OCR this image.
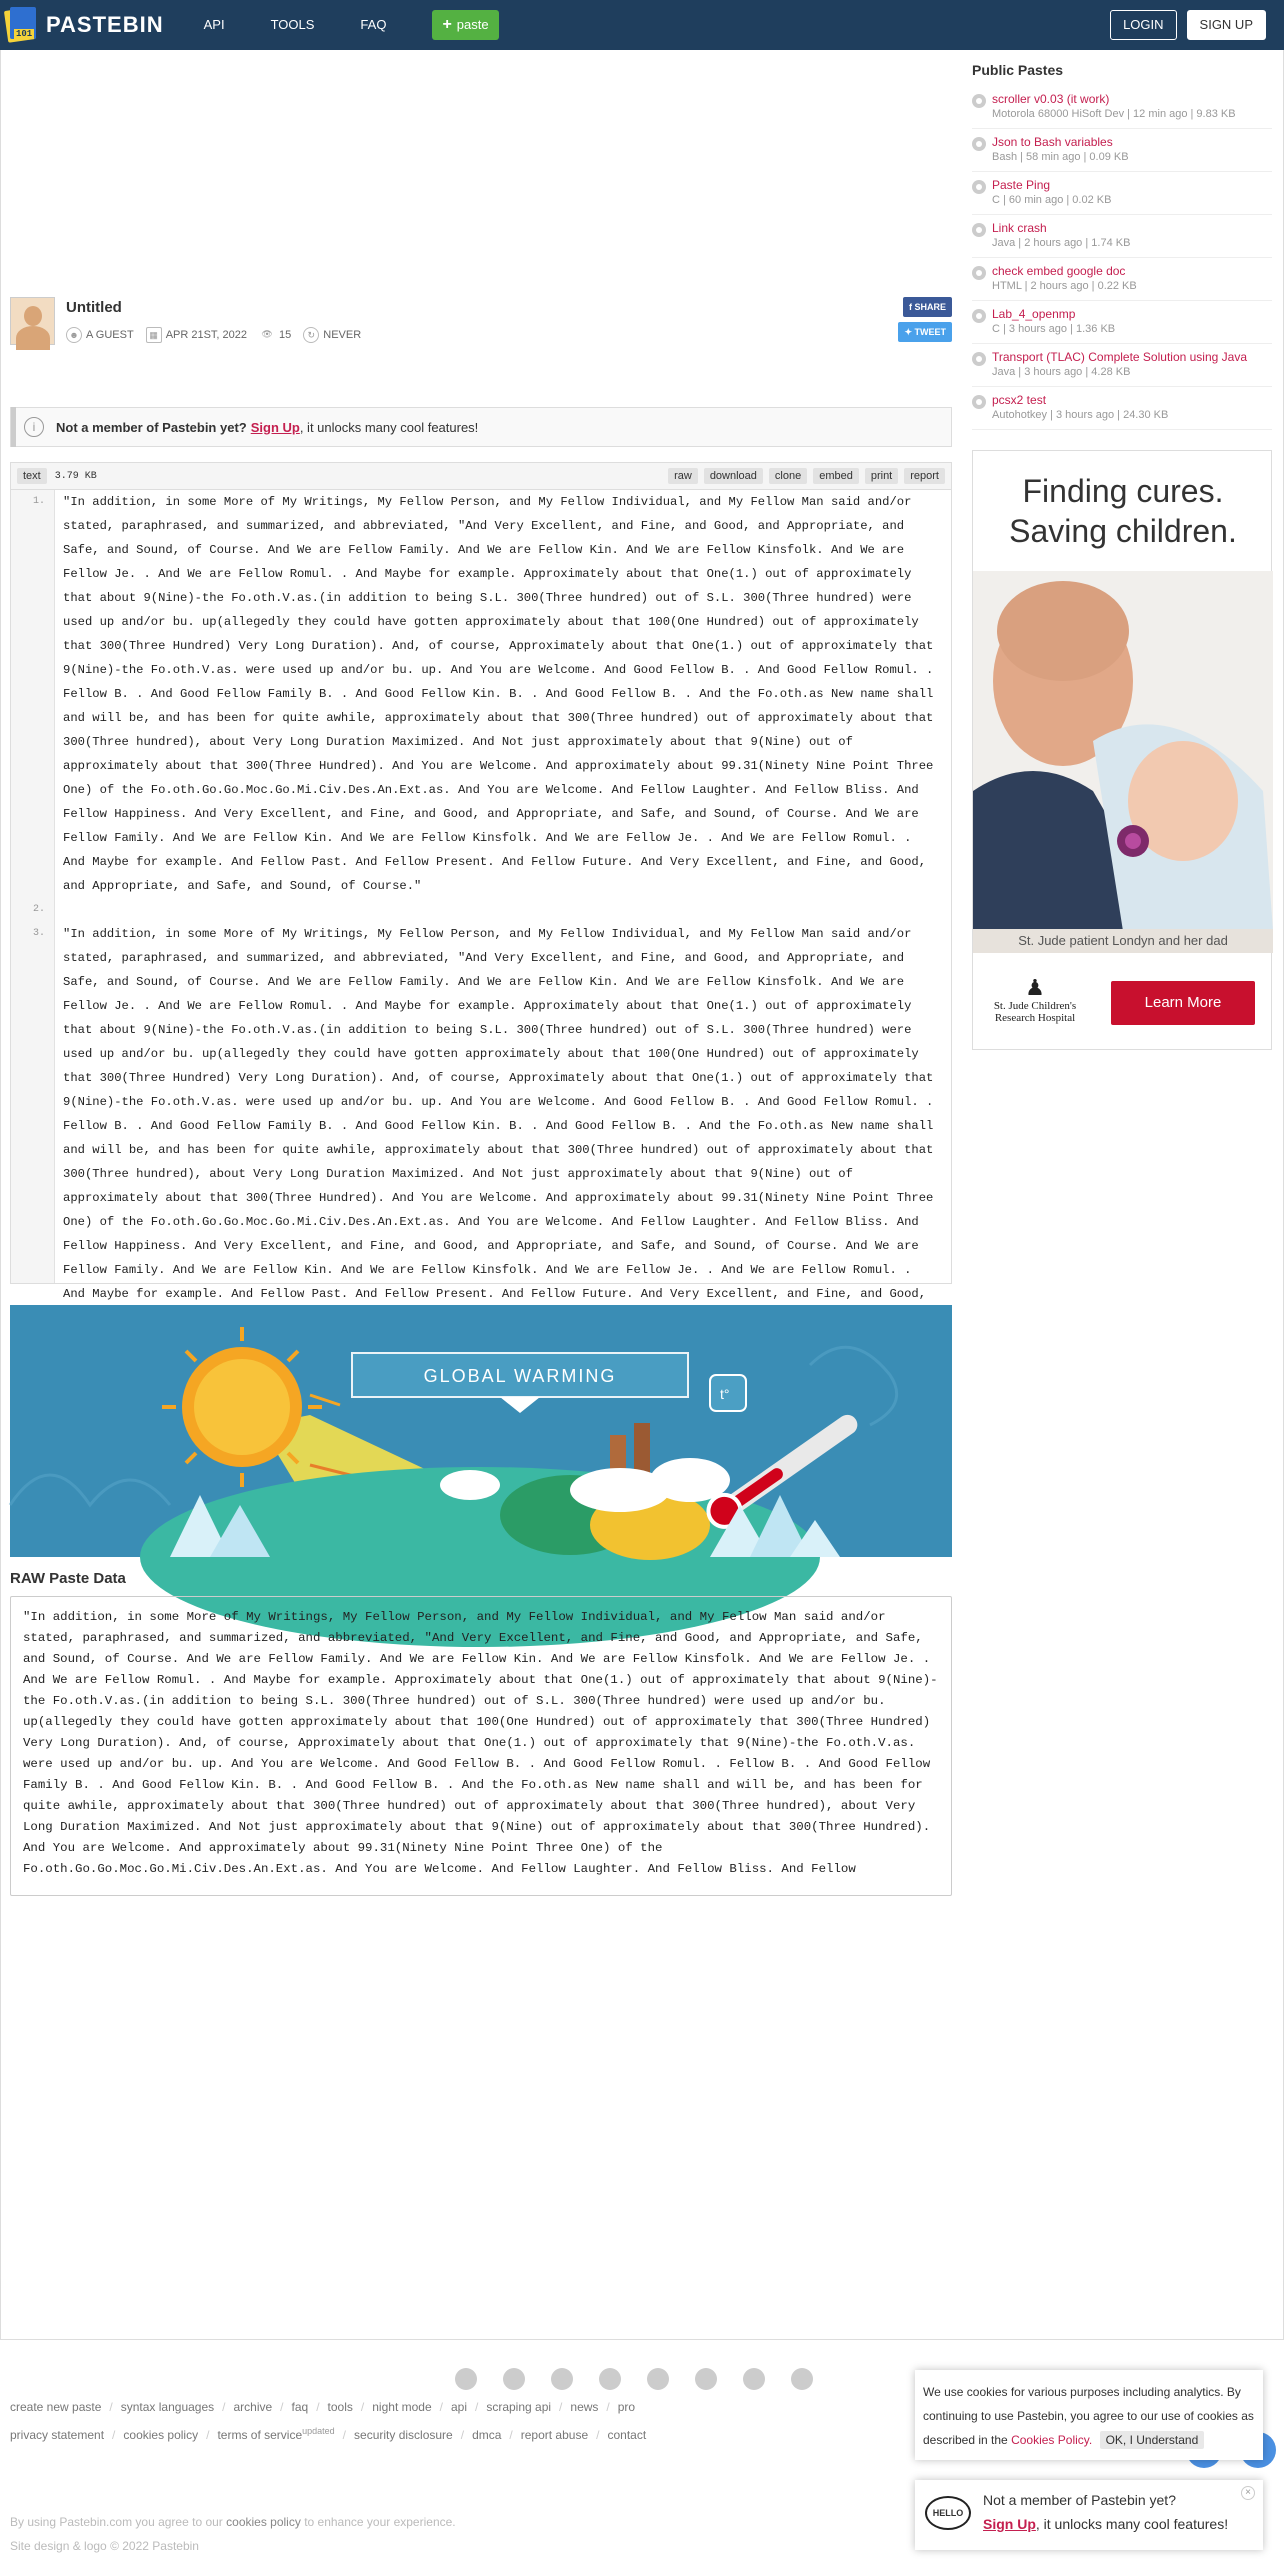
101 PASTEBIN	API	TOOLS	FAQ	+ paste	LOGIN	SIGN UP
Untitled
☻ A GUEST	▦ APR 21ST, 2022 👁 15	↻ NEVER
f SHARE
✦ TWEET
i	Not a member of Pastebin yet? Sign Up , it unlocks many cool features!
text	3.79 KB	raw	download	clone	embed	print	report
1.	"In addition, in some More of My Writings, My Fellow Person, and My Fellow Individual, and My Fellow Man said and/or stated, paraphrased, and summarized, and abbreviated, "And Very Excellent, and Fine, and Good, and Appropriate, and Safe, and Sound, of Course. And We are Fellow Family. And We are Fellow Kin. And We are Fellow Kinsfolk. And We are Fellow Je. . And We are Fellow Romul. . And Maybe for example. Approximately about that One(1.) out of approximately that about 9(Nine)-the Fo.oth.V.as.(in addition to being S.L. 300(Three hundred) out of S.L. 300(Three hundred) were used up and/or bu. up(allegedly they could have gotten approximately about that 100(One Hundred) out of approximately that 300(Three Hundred) Very Long Duration). And, of course, Approximately about that One(1.) out of approximately that 9(Nine)-the Fo.oth.V.as. were used up and/or bu. up. And You are Welcome. And Good Fellow B. . And Good Fellow Romul. . Fellow B. . And Good Fellow Family B. . And Good Fellow Kin. B. . And Good Fellow B. . And the Fo.oth.as New name shall and will be, and has been for quite awhile, approximately about that 300(Three hundred) out of approximately about that 300(Three hundred), about Very Long Duration Maximized. And Not just approximately about that 9(Nine) out of approximately about that 300(Three Hundred). And You are Welcome. And approximately about 99.31(Ninety Nine Point Three One) of the Fo.oth.Go.Go.Moc.Go.Mi.Civ.Des.An.Ext.as. And You are Welcome. And Fellow Laughter. And Fellow Bliss. And Fellow Happiness. And Very Excellent, and Fine, and Good, and Appropriate, and Safe, and Sound, of Course. And We are Fellow Family. And We are Fellow Kin. And We are Fellow Kinsfolk. And We are Fellow Je. . And We are Fellow Romul. . And Maybe for example. And Fellow Past. And Fellow Present. And Fellow Future. And Very Excellent, and Fine, and Good, and Appropriate, and Safe, and Sound, of Course."
2.
3.	"In addition, in some More of My Writings, My Fellow Person, and My Fellow Individual, and My Fellow Man said and/or stated, paraphrased, and summarized, and abbreviated, "And Very Excellent, and Fine, and Good, and Appropriate, and Safe, and Sound, of Course. And We are Fellow Family. And We are Fellow Kin. And We are Fellow Kinsfolk. And We are Fellow Je. . And We are Fellow Romul. . And Maybe for example. Approximately about that One(1.) out of approximately that about 9(Nine)-the Fo.oth.V.as.(in addition to being S.L. 300(Three hundred) out of S.L. 300(Three hundred) were used up and/or bu. up(allegedly they could have gotten approximately about that 100(One Hundred) out of approximately that 300(Three Hundred) Very Long Duration). And, of course, Approximately about that One(1.) out of approximately that 9(Nine)-the Fo.oth.V.as. were used up and/or bu. up. And You are Welcome. And Good Fellow B. . And Good Fellow Romul. . Fellow B. . And Good Fellow Family B. . And Good Fellow Kin. B. . And Good Fellow B. . And the Fo.oth.as New name shall and will be, and has been for quite awhile, approximately about that 300(Three hundred) out of approximately about that 300(Three hundred), about Very Long Duration Maximized. And Not just approximately about that 9(Nine) out of approximately about that 300(Three Hundred). And You are Welcome. And approximately about 99.31(Ninety Nine Point Three One) of the Fo.oth.Go.Go.Moc.Go.Mi.Civ.Des.An.Ext.as. And You are Welcome. And Fellow Laughter. And Fellow Bliss. And Fellow Happiness. And Very Excellent, and Fine, and Good, and Appropriate, and Safe, and Sound, of Course. And We are Fellow Family. And We are Fellow Kin. And We are Fellow Kinsfolk. And We are Fellow Je. . And We are Fellow Romul. . And Maybe for example. And Fellow Past. And Fellow Present. And Fellow Future. And Very Excellent, and Fine, and Good,
GLOBAL WARMING
t°
RAW Paste Data
"In addition, in some More of My Writings, My Fellow Person, and My Fellow Individual, and My Fellow Man said and/or stated, paraphrased, and summarized, and abbreviated, "And Very Excellent, and Fine, and Good, and Appropriate, and Safe, and Sound, of Course. And We are Fellow Family. And We are Fellow Kin. And We are Fellow Kinsfolk. And We are Fellow Je. . And We are Fellow Romul. . And Maybe for example. Approximately about that One(1.) out of approximately that about 9(Nine)-the Fo.oth.V.as.(in addition to being S.L. 300(Three hundred) out of S.L. 300(Three hundred) were used up and/or bu. up(allegedly they could have gotten approximately about that 100(One Hundred) out of approximately that 300(Three Hundred) Very Long Duration). And, of course, Approximately about that One(1.) out of approximately that 9(Nine)-the Fo.oth.V.as. were used up and/or bu. up. And You are Welcome. And Good Fellow B. . And Good Fellow Romul. . Fellow B. . And Good Fellow Family B. . And Good Fellow Kin. B. . And Good Fellow B. . And the Fo.oth.as New name shall and will be, and has been for quite awhile, approximately about that 300(Three hundred) out of approximately about that 300(Three hundred), about Very Long Duration Maximized. And Not just approximately about that 9(Nine) out of approximately about that 300(Three Hundred). And You are Welcome. And approximately about 99.31(Ninety Nine Point Three One) of the Fo.oth.Go.Go.Moc.Go.Mi.Civ.Des.An.Ext.as. And You are Welcome. And Fellow Laughter. And Fellow Bliss. And Fellow
Public Pastes
scroller v0.03 (it work)
Motorola 68000 HiSoft Dev | 12 min ago | 9.83 KB
Json to Bash variables
Bash | 58 min ago | 0.09 KB
Paste Ping
C | 60 min ago | 0.02 KB
Link crash
Java | 2 hours ago | 1.74 KB
check embed google doc
HTML | 2 hours ago | 0.22 KB
Lab_4_openmp
C | 3 hours ago | 1.36 KB
Transport (TLAC) Complete Solution using Java
Java | 3 hours ago | 4.28 KB
pcsx2 test
Autohotkey | 3 hours ago | 24.30 KB
Finding cures.
Saving children.
St. Jude patient Londyn and her dad
♟
St. Jude Children's Research Hospital
Learn More
create new paste / syntax languages / archive / faq / tools / night mode / api / scraping api / news / pro
privacy statement / cookies policy / terms of service$^{updated}$ / security disclosure / dmca / report abuse / contact
By using Pastebin.com you agree to our cookies policy to enhance your experience.
Site design & logo © 2022 Pastebin
We use cookies for various purposes including analytics. By continuing to use Pastebin, you agree to our use of cookies as described in the Cookies Policy. OK, I Understand
HELLO
Not a member of Pastebin yet?
Sign Up, it unlocks many cool features!
×
